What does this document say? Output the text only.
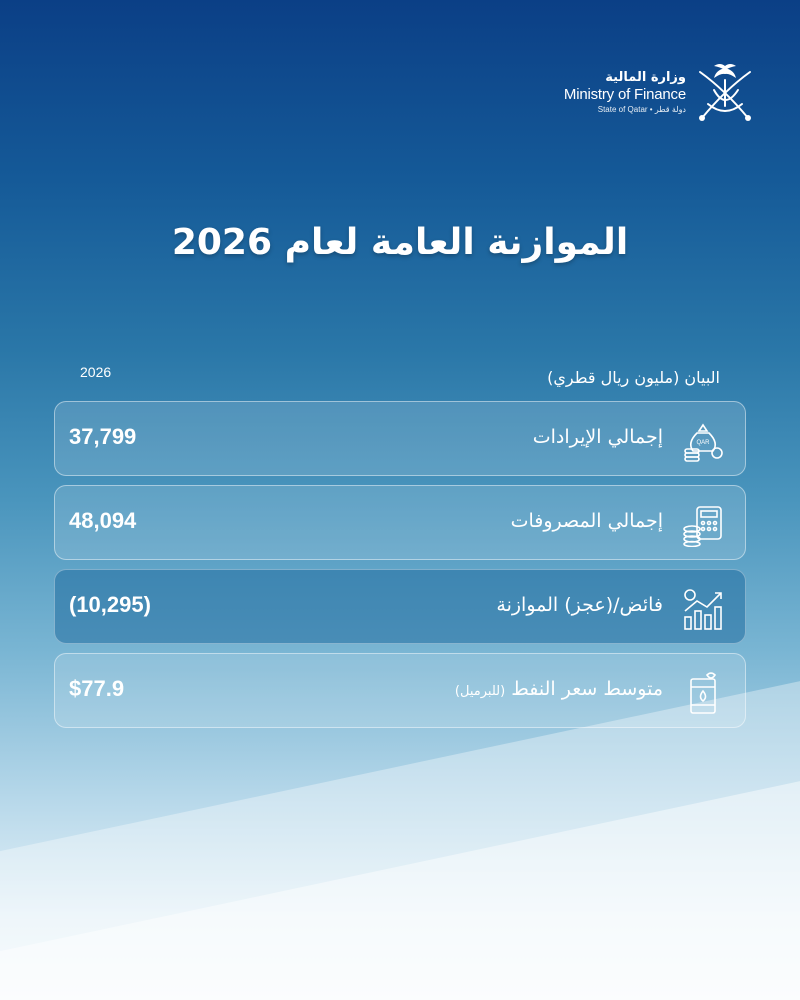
وزارة المالية
Ministry of Finance
State of Qatar • دولة قطر
الموازنة العامة لعام 2026
البيان (مليون ريال قطري)
2026
QAR
إجمالي الإيرادات
37,799
إجمالي المصروفات
48,094
فائض/(عجز) الموازنة
(10,295)
متوسط سعر النفط (للبرميل)
$77.9
